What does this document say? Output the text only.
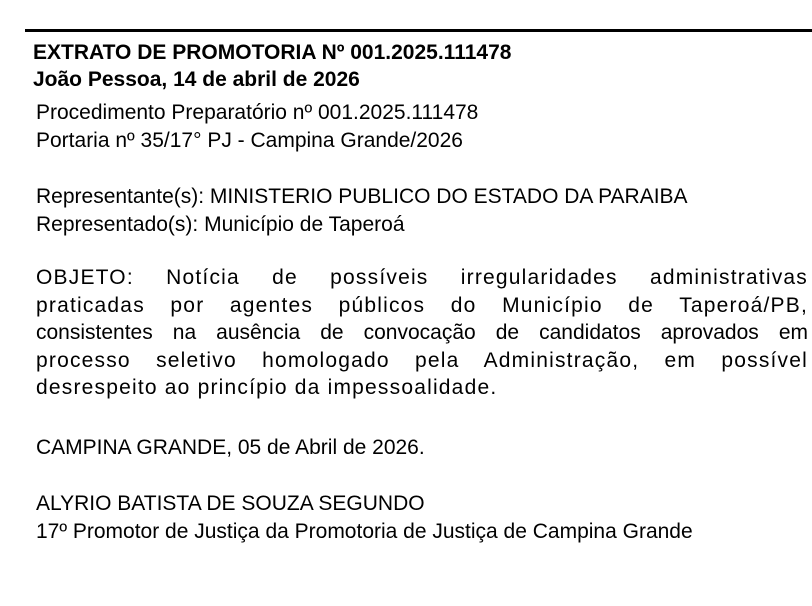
EXTRATO DE PROMOTORIA Nº 001.2025.111478
João Pessoa, 14 de abril de 2026
Procedimento Preparatório nº 001.2025.111478
Portaria nº 35/17° PJ - Campina Grande/2026
Representante(s): MINISTERIO PUBLICO DO ESTADO DA PARAIBA
Representado(s): Município de Taperoá
OBJETO: Notícia de possíveis irregularidades administrativas
praticadas por agentes públicos do Município de Taperoá/PB,
consistentes na ausência de convocação de candidatos aprovados em
processo seletivo homologado pela Administração, em possível
desrespeito ao princípio da impessoalidade.
CAMPINA GRANDE, 05 de Abril de 2026.
ALYRIO BATISTA DE SOUZA SEGUNDO
17º Promotor de Justiça da Promotoria de Justiça de Campina Grande
